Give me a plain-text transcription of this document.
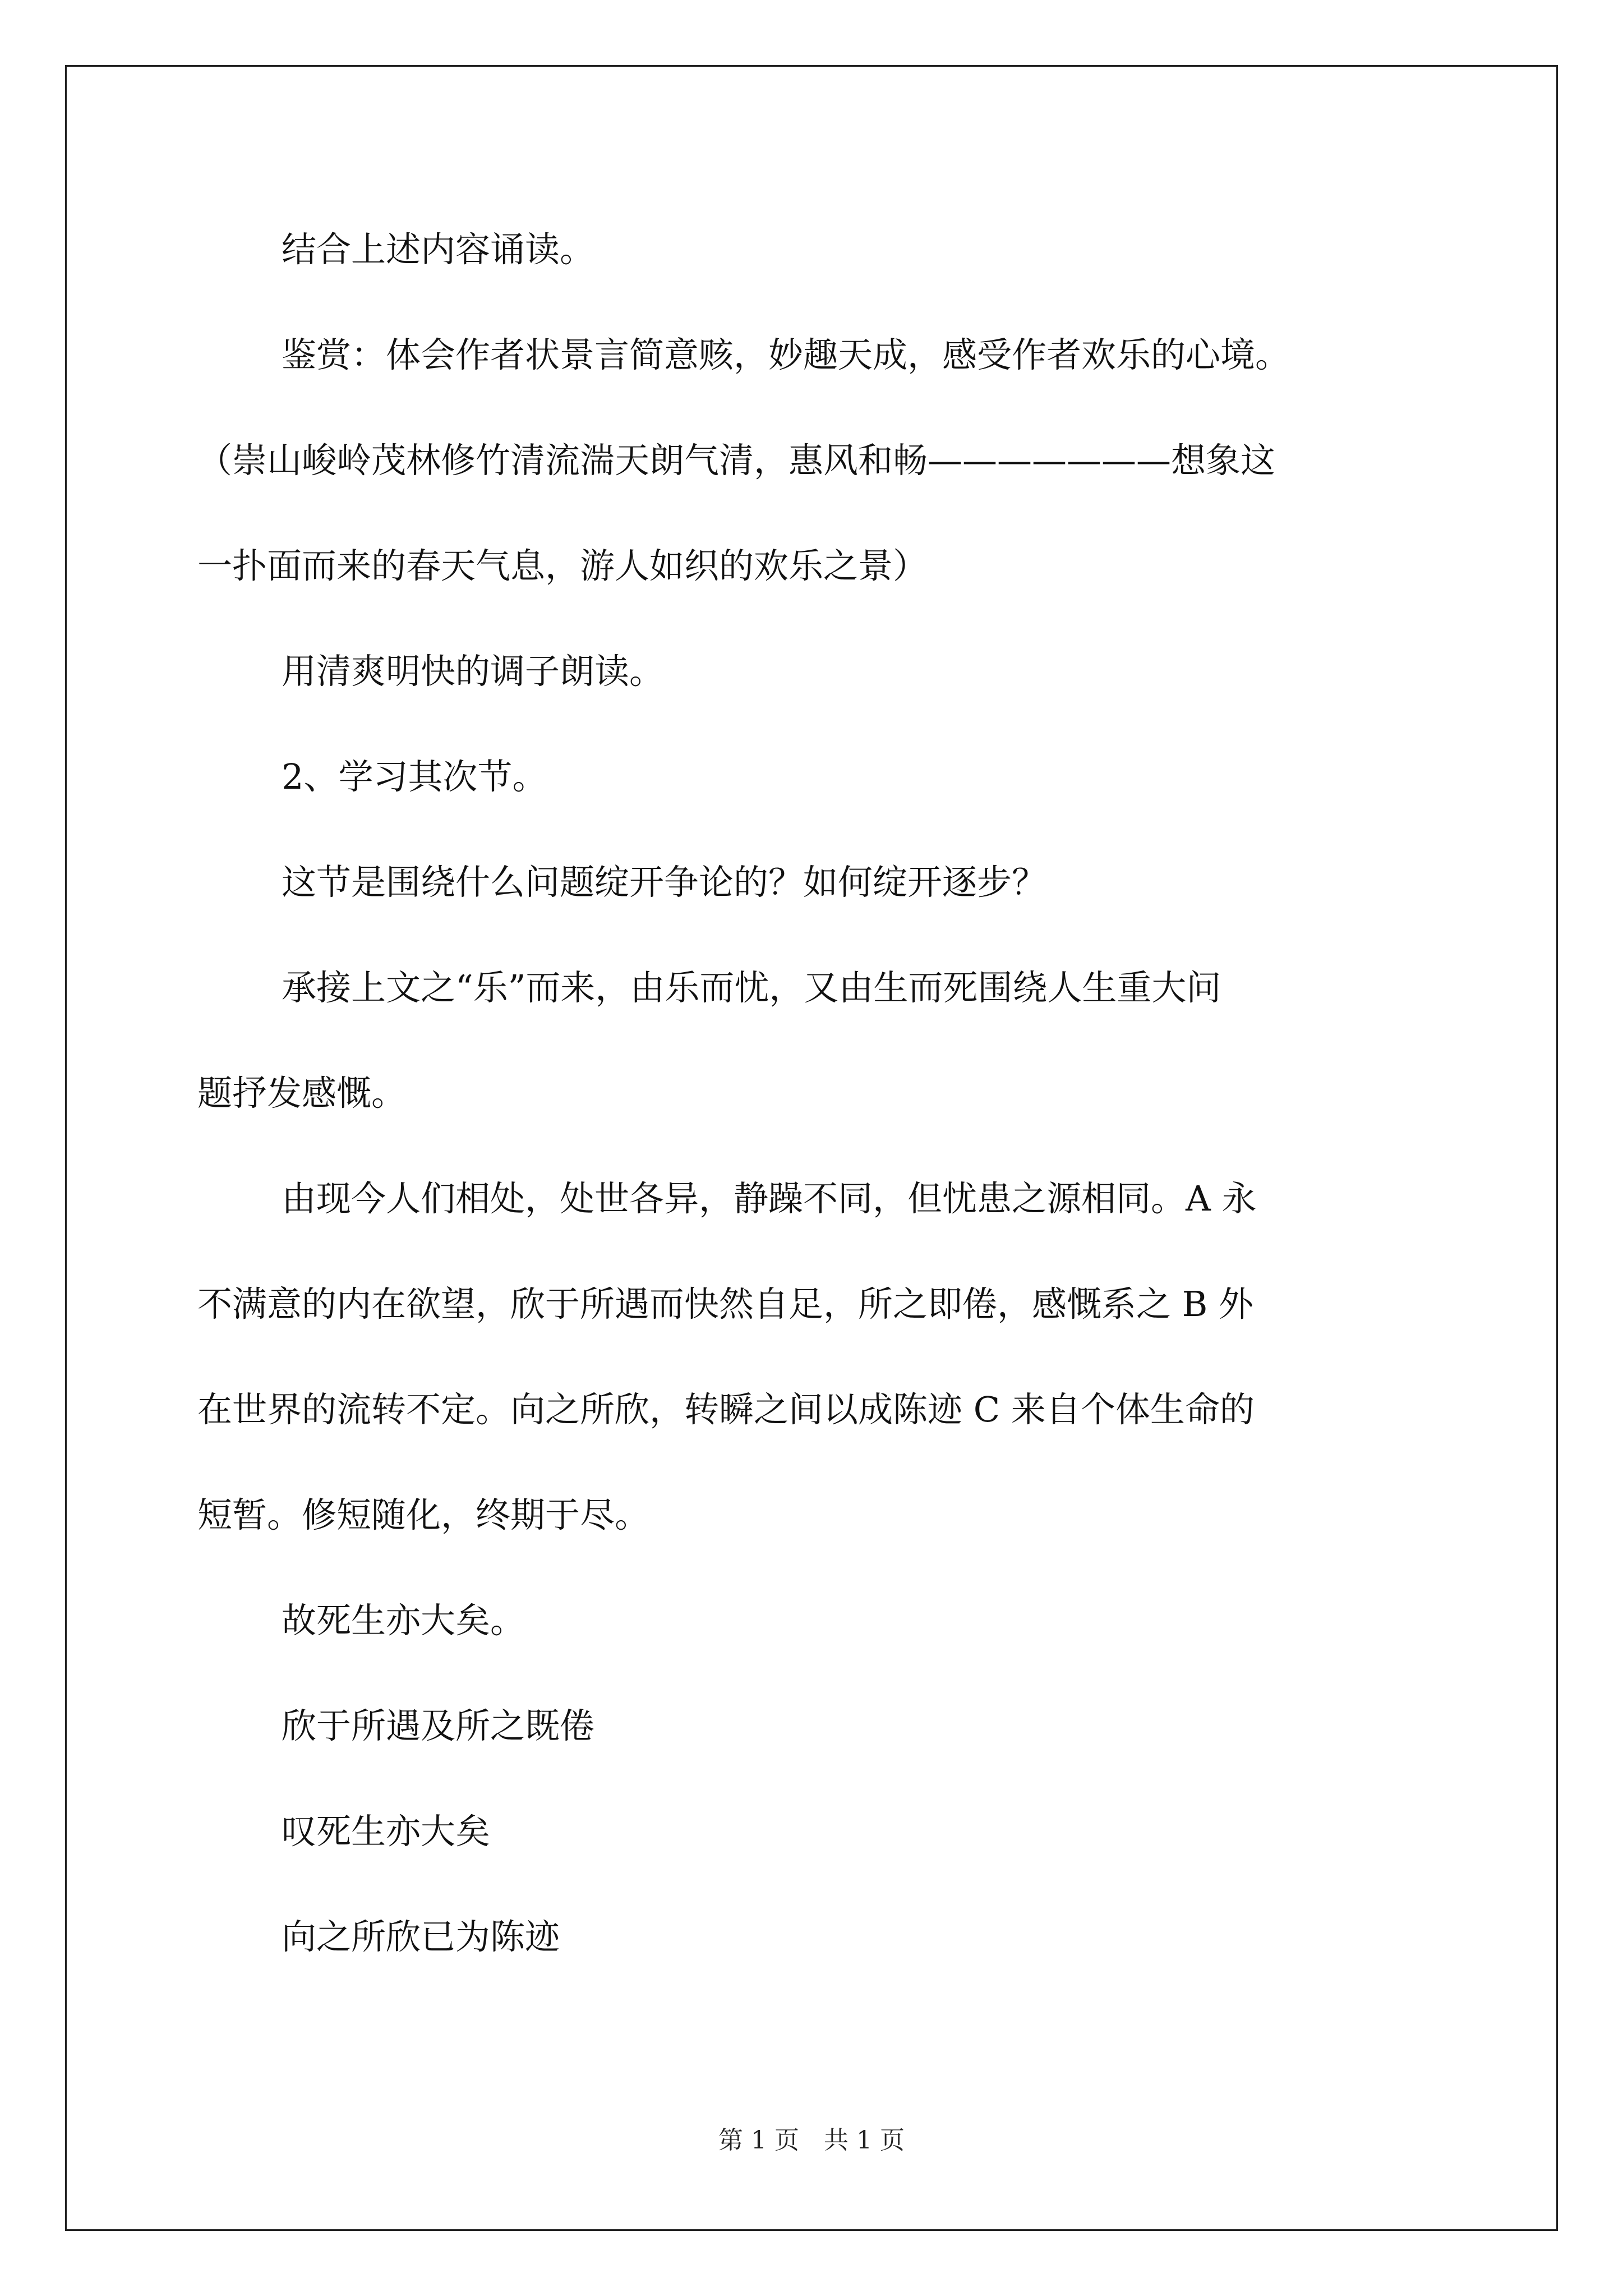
结合上述内容诵读。
鉴赏：体会作者状景言简意赅，妙趣天成，感受作者欢乐的心境。
（崇山峻岭茂林修竹清流湍天朗气清，惠风和畅———————想象这
一扑面而来的春天气息，游人如织的欢乐之景）
用清爽明快的调子朗读。
2、学习其次节。
这节是围绕什么问题绽开争论的？如何绽开逐步？
承接上文之“乐”而来，由乐而忧，又由生而死围绕人生重大问
题抒发感慨。
由现今人们相处，处世各异，静躁不同，但忧患之源相同。A 永
不满意的内在欲望，欣于所遇而快然自足，所之即倦，感慨系之 B 外
在世界的流转不定。向之所欣，转瞬之间以成陈迹 C 来自个体生命的
短暂。修短随化，终期于尽。
故死生亦大矣。
欣于所遇及所之既倦
叹死生亦大矣
向之所欣已为陈迹
第 1 页　共 1 页
